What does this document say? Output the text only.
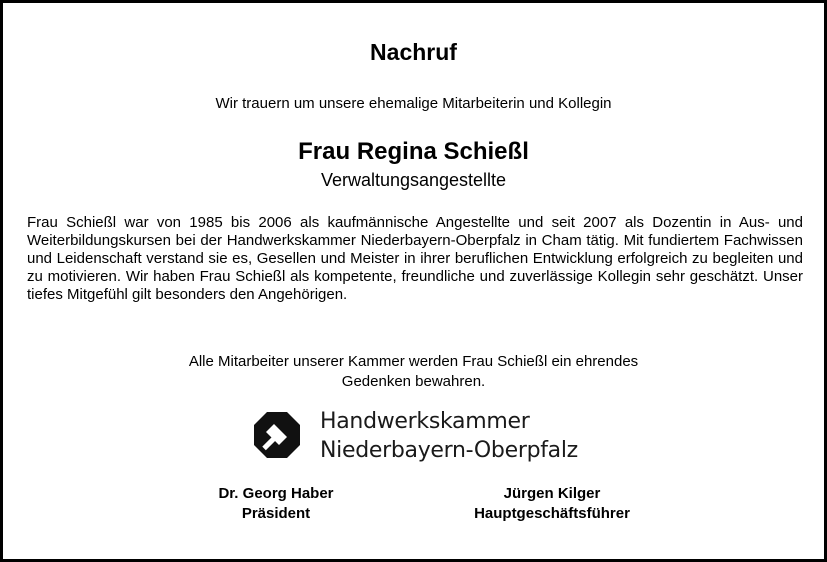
Nachruf
Wir trauern um unsere ehemalige Mitarbeiterin und Kollegin
Frau Regina Schießl
Verwaltungsangestellte

Frau Schießl war von 1985 bis 2006 als kaufmännische Angestellte und seit 2007 als Dozentin in Aus- und Weiterbildungskursen bei der Handwerkskammer Niederbayern-Oberpfalz in Cham tätig. Mit fundiertem Fachwissen und Leidenschaft verstand sie es, Gesellen und Meister in ihrer beruflichen Entwicklung erfolgreich zu begleiten und zu motivieren. Wir haben Frau Schießl als kompetente, freundliche und zuverlässige Kollegin sehr geschätzt. Unser tiefes Mitgefühl gilt besonders den Angehörigen.

Alle Mitarbeiter unserer Kammer werden Frau Schießl ein ehrendes
Gedenken bewahren.
Handwerkskammer
Niederbayern-Oberpfalz
Dr. Georg Haber
Präsident
Jürgen Kilger
Hauptgeschäftsführer
